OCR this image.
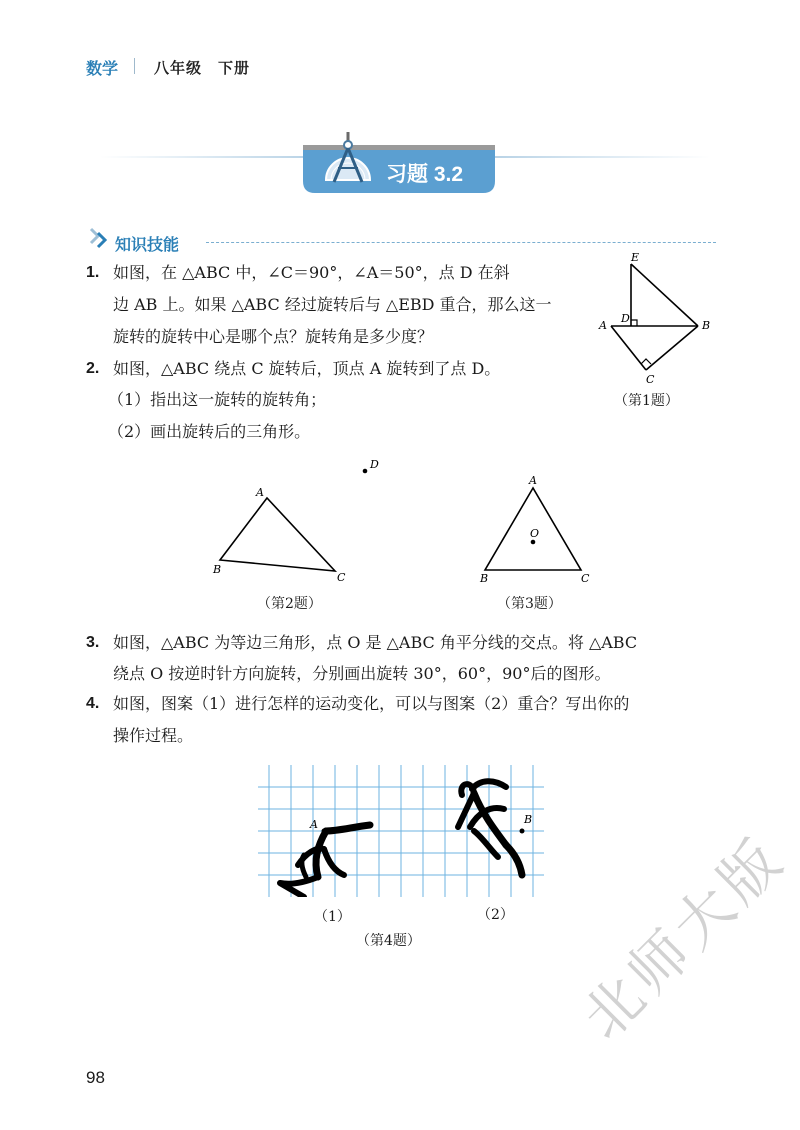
数学 八年级　下册
习题 3.2
知识技能
1. 如图，在 △ABC 中，∠C＝90°，∠A＝50°，点 D 在斜
边 AB 上。如果 △ABC 经过旋转后与 △EBD 重合，那么这一
旋转的旋转中心是哪个点？旋转角是多少度？
E
A
D
B
C
（第1题）
2. 如图，△ABC 绕点 C 旋转后，顶点 A 旋转到了点 D。
（1）指出这一旋转的旋转角；
（2）画出旋转后的三角形。
A
B
C
D
（第2题）
A
O
B	C
（第3题）
3. 如图，△ABC 为等边三角形，点 O 是 △ABC 角平分线的交点。将 △ABC
绕点 O 按逆时针方向旋转，分别画出旋转 30°，60°，90°后的图形。
4. 如图，图案（1）进行怎样的运动变化，可以与图案（2）重合？写出你的
操作过程。
A	B
（1）	（2）
（第4题）
98
北师大版
